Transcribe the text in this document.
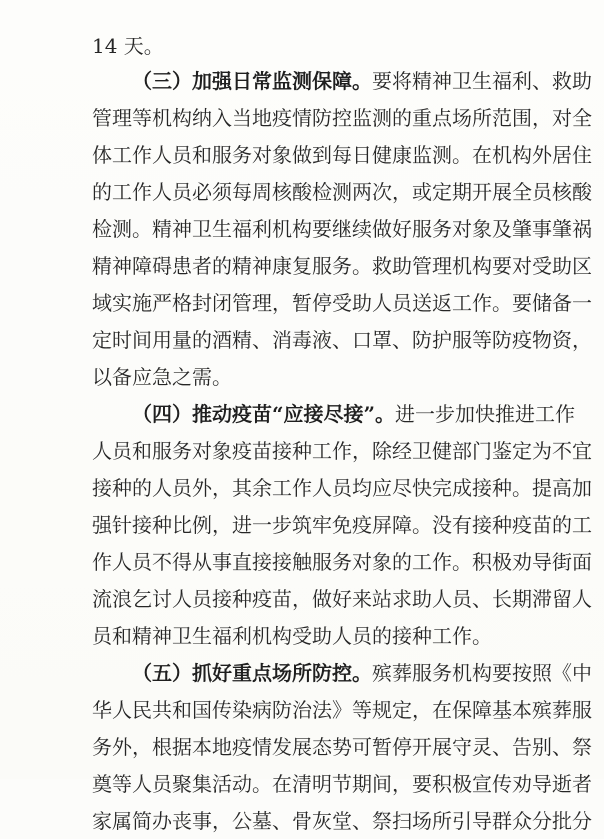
14 天。
（三）加强日常监测保障。要将精神卫生福利、救助
管理等机构纳入当地疫情防控监测的重点场所范围，对全
体工作人员和服务对象做到每日健康监测。在机构外居住
的工作人员必须每周核酸检测两次，或定期开展全员核酸
检测。精神卫生福利机构要继续做好服务对象及肇事肇祸
精神障碍患者的精神康复服务。救助管理机构要对受助区
域实施严格封闭管理，暂停受助人员送返工作。要储备一
定时间用量的酒精、消毒液、口罩、防护服等防疫物资，
以备应急之需。
（四）推动疫苗“应接尽接”。进一步加快推进工作
人员和服务对象疫苗接种工作，除经卫健部门鉴定为不宜
接种的人员外，其余工作人员均应尽快完成接种。提高加
强针接种比例，进一步筑牢免疫屏障。没有接种疫苗的工
作人员不得从事直接接触服务对象的工作。积极劝导街面
流浪乞讨人员接种疫苗，做好来站求助人员、长期滞留人
员和精神卫生福利机构受助人员的接种工作。
（五）抓好重点场所防控。殡葬服务机构要按照《中
华人民共和国传染病防治法》等规定，在保障基本殡葬服
务外，根据本地疫情发展态势可暂停开展守灵、告别、祭
奠等人员聚集活动。在清明节期间，要积极宣传劝导逝者
家属简办丧事，公墓、骨灰堂、祭扫场所引导群众分批分
